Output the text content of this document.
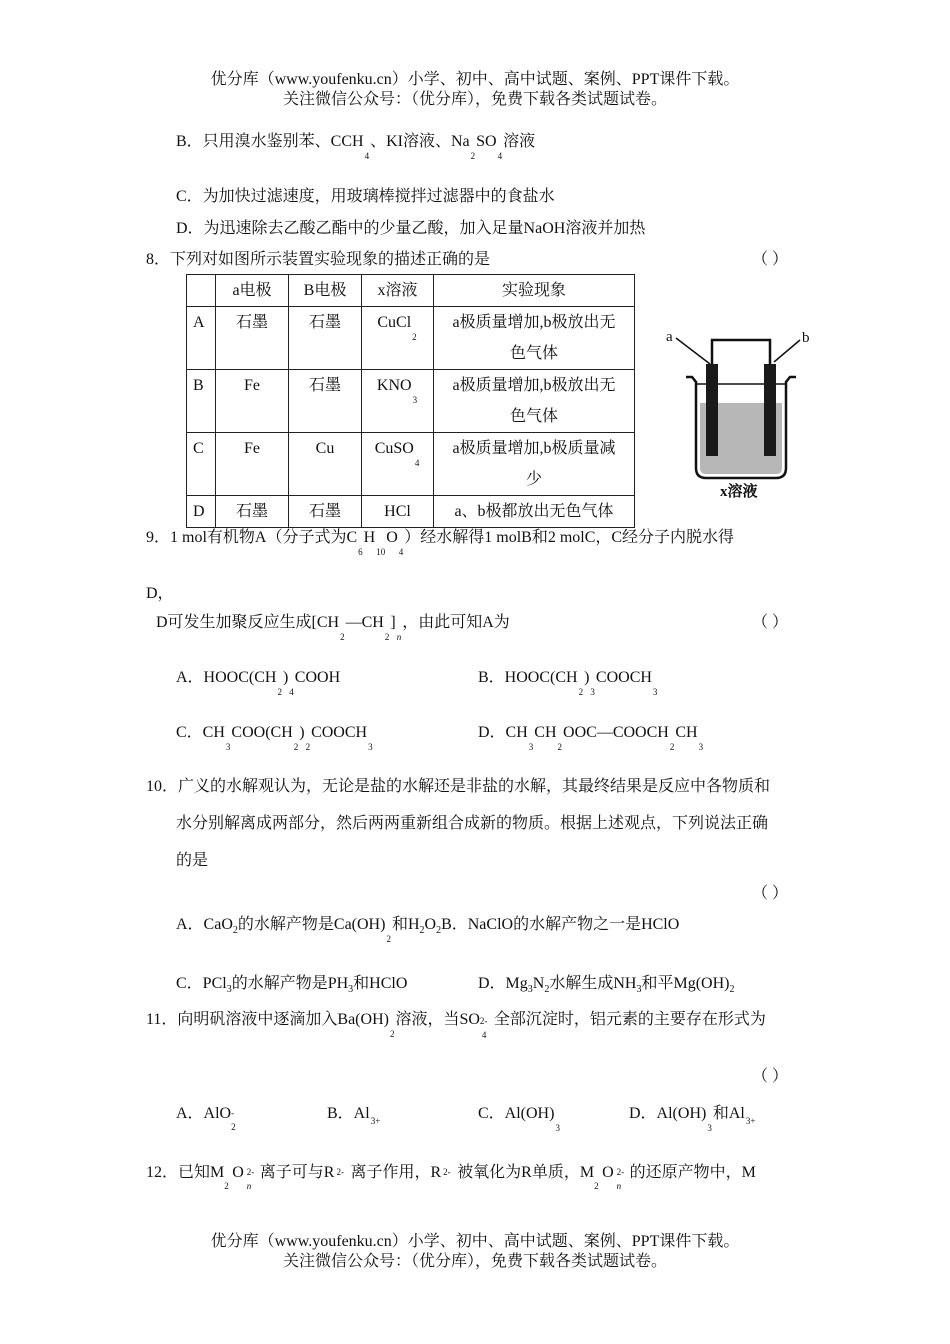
优分库（www.youfenku.cn）小学、初中、高中试题、案例、PPT课件下载。
关注微信公众号：（优分库），免费下载各类试题试卷。
B．只用溴水鉴别苯、$CCH_4$、KI溶液、$Na_2SO_4$溶液
C．为加快过滤速度，用玻璃棒搅拌过滤器中的食盐水
D．为迅速除去乙酸乙酯中的少量乙酸，加入足量NaOH溶液并加热
8．下列对如图所示装置实验现象的描述正确的是	（ ）
	a电极	B电极	x溶液	实验现象
A	石墨	石墨	CuCl$_2$	a极质量增加,b极放出无
色气体

B	Fe	石墨	$KNO_3$	a极质量增加,b极放出无
色气体

C	Fe	Cu	CuSO$_4$	a极质量增加,b极质量减
少

D	石墨	石墨	HCl	a、b极都放出无色气体
a	b
x溶液
9．1 mol有机物A（分子式为$C_6H_{10}O_4$）经水解得1 molB和2 molC，C经分子内脱水得
D，
D可发生加聚反应生成$[CH_2—CH_2]_n$，由此可知A为	（ ）
A．$HOOC(CH_2)_4COOH$	B．$HOOC(CH_2)_3COOCH_3$
C．$CH_3COO(CH_2)_2COOCH_3$
D．$CH_3CH_2OOC—COOCH_2CH_3$
10．广义的水解观认为，无论是盐的水解还是非盐的水解，其最终结果是反应中各物质和
水分别解离成两部分，然后两两重新组合成新的物质。根据上述观点，下列说法正确
的是
（ ）
A．CaO$_2$的水解产物是$Ca(OH)_2$和$H_2O_2B$．NaClO的水解产物之一是HClO
C．PCl$_3$的水解产物是$PH_3$和HClO	D．$Mg_3N_2$水解生成$NH_3$和平$Mg(OH)_2$
11．向明矾溶液中逐滴加入$Ba(OH)_2$溶液，当SO 2-
4
全部沉淀时，铝元素的主要存在形式为
（ ）
A．AlO -
2
B．$Al_{3+}$	C．$Al(OH)_3$
D．$Al(OH)_3$和$Al_{3+}$
12．已知M
2
O 2-
n
离子可与R 2- 离子作用，R 2- 被氧化为R单质，M
2
O 2-
n
的还原产物中，M
优分库（www.youfenku.cn）小学、初中、高中试题、案例、PPT课件下载。
关注微信公众号：（优分库），免费下载各类试题试卷。
